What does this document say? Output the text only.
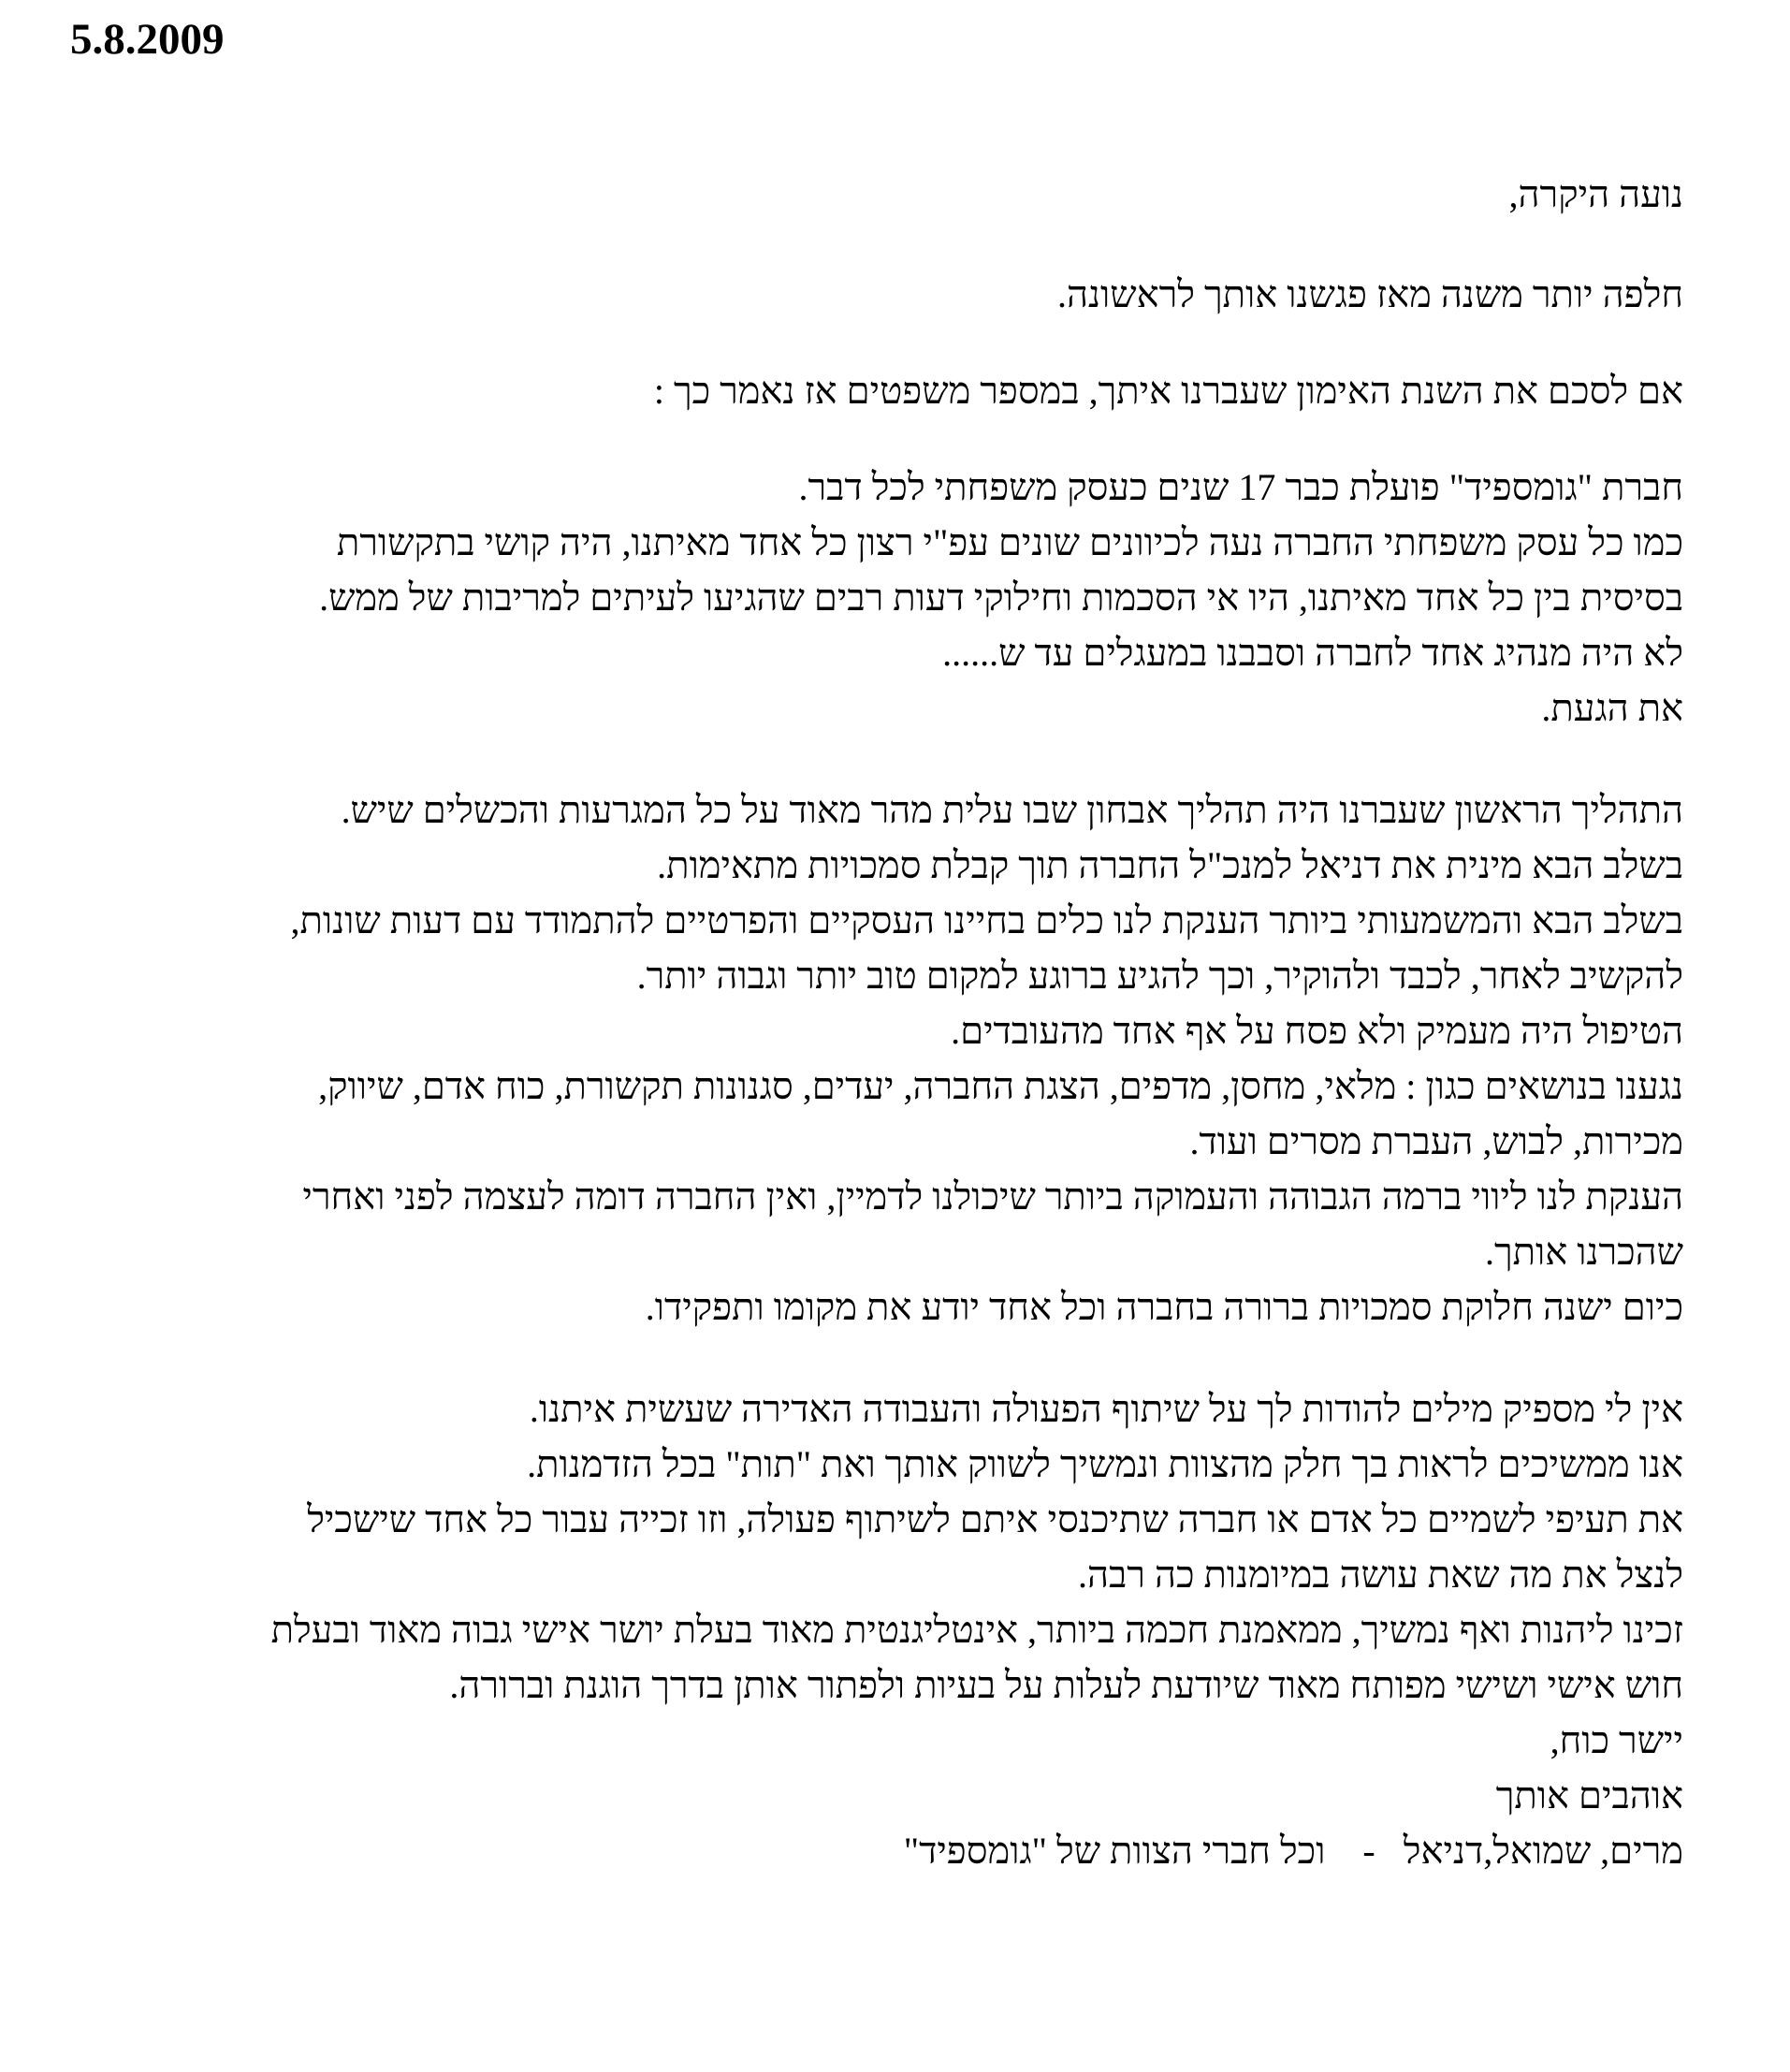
5.8.2009
נועה היקרה,
חלפה יותר משנה מאז פגשנו אותך לראשונה.
אם לסכם את השנת האימון שעברנו איתך, במספר משפטים אז נאמר כך :
חברת "גומספיד" פועלת כבר 17 שנים כעסק משפחתי לכל דבר.
כמו כל עסק משפחתי החברה נעה לכיוונים שונים עפ"י רצון כל אחד מאיתנו, היה קושי בתקשורת
בסיסית בין כל אחד מאיתנו, היו אי הסכמות וחילוקי דעות רבים שהגיעו לעיתים למריבות של ממש.
לא היה מנהיג אחד לחברה וסבבנו במעגלים עד ש......
את הגעת.
התהליך הראשון שעברנו היה תהליך אבחון שבו עלית מהר מאוד על כל המגרעות והכשלים שיש.
בשלב הבא מינית את דניאל למנכ"ל החברה תוך קבלת סמכויות מתאימות.
בשלב הבא והמשמעותי ביותר הענקת לנו כלים בחיינו העסקיים והפרטיים להתמודד עם דעות שונות,
להקשיב לאחר, לכבד ולהוקיר, וכך להגיע ברוגע למקום טוב יותר וגבוה יותר.
הטיפול היה מעמיק ולא פסח על אף אחד מהעובדים.
נגענו בנושאים כגון : מלאי, מחסן, מדפים, הצגת החברה, יעדים, סגנונות תקשורת, כוח אדם, שיווק,
מכירות, לבוש, העברת מסרים ועוד.
הענקת לנו ליווי ברמה הגבוהה והעמוקה ביותר שיכולנו לדמיין, ואין החברה דומה לעצמה לפני ואחרי
שהכרנו אותך.
כיום ישנה חלוקת סמכויות ברורה בחברה וכל אחד יודע את מקומו ותפקידו.
אין לי מספיק מילים להודות לך על שיתוף הפעולה והעבודה האדירה שעשית איתנו.
אנו ממשיכים לראות בך חלק מהצוות ונמשיך לשווק אותך ואת "תות" בכל הזדמנות.
את תעיפי לשמיים כל אדם או חברה שתיכנסי איתם לשיתוף פעולה, וזו זכייה עבור כל אחד שישכיל
לנצל את מה שאת עושה במיומנות כה רבה.
זכינו ליהנות ואף נמשיך, ממאמנת חכמה ביותר, אינטליגנטית מאוד בעלת יושר אישי גבוה מאוד ובעלת
חוש אישי ושישי מפותח מאוד שיודעת לעלות על בעיות ולפתור אותן בדרך הוגנת וברורה.
יישר כוח,
אוהבים אותך
מרים, שמואל,דניאל   -    וכל חברי הצוות של "גומספיד"
